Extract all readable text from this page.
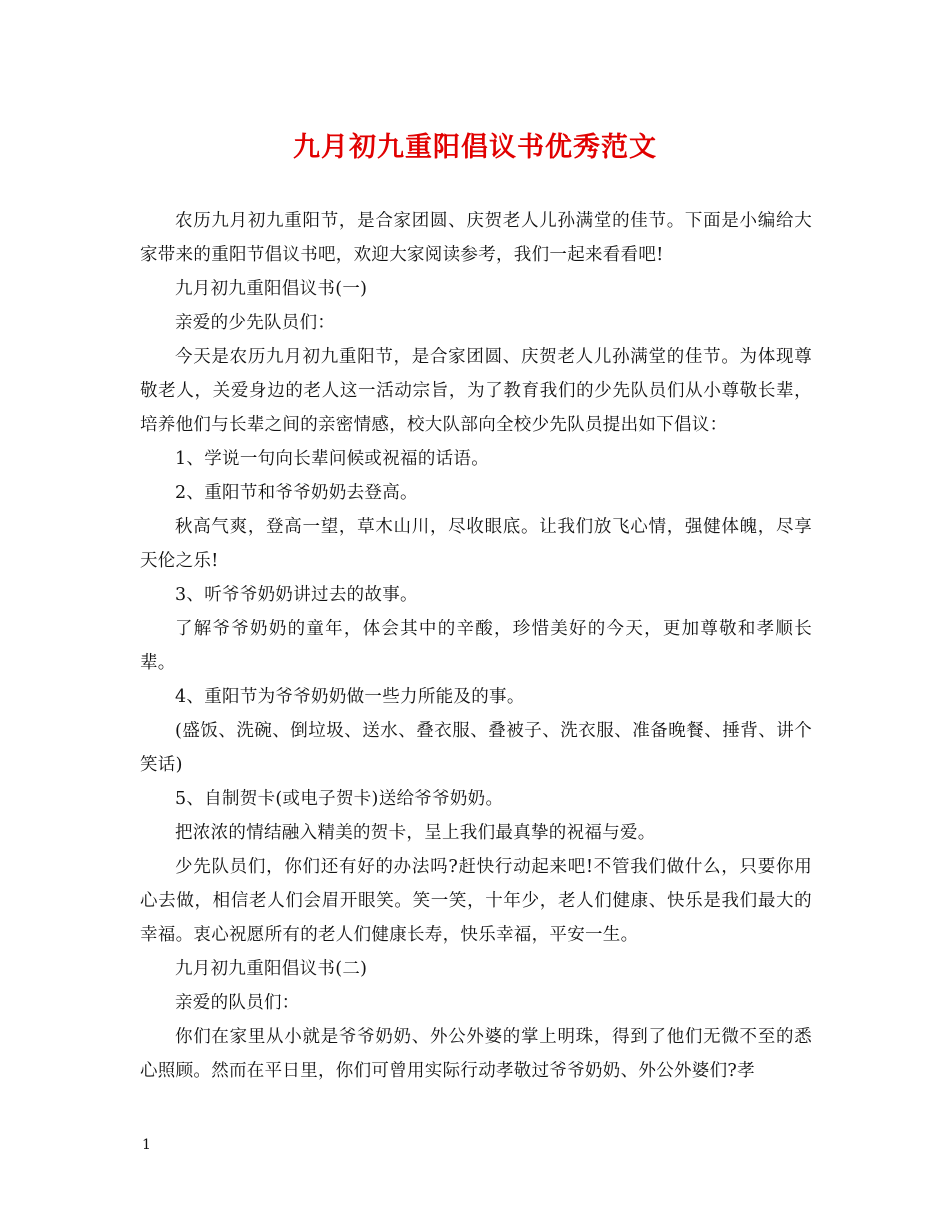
九月初九重阳倡议书优秀范文

农历九月初九重阳节，是合家团圆、庆贺老人儿孙满堂的佳节。下面是小编给大家带来的重阳节倡议书吧，欢迎大家阅读参考，我们一起来看看吧!

九月初九重阳倡议书(一)

亲爱的少先队员们：

今天是农历九月初九重阳节，是合家团圆、庆贺老人儿孙满堂的佳节。为体现尊敬老人，关爱身边的老人这一活动宗旨，为了教育我们的少先队员们从小尊敬长辈，培养他们与长辈之间的亲密情感，校大队部向全校少先队员提出如下倡议：

1、学说一句向长辈问候或祝福的话语。

2、重阳节和爷爷奶奶去登高。

秋高气爽，登高一望，草木山川，尽收眼底。让我们放飞心情，强健体魄，尽享天伦之乐!

3、听爷爷奶奶讲过去的故事。

了解爷爷奶奶的童年，体会其中的辛酸，珍惜美好的今天，更加尊敬和孝顺长辈。

4、重阳节为爷爷奶奶做一些力所能及的事。

(盛饭、洗碗、倒垃圾、送水、叠衣服、叠被子、洗衣服、准备晚餐、捶背、讲个笑话)

5、自制贺卡(或电子贺卡)送给爷爷奶奶。

把浓浓的情结融入精美的贺卡，呈上我们最真挚的祝福与爱。

少先队员们，你们还有好的办法吗?赶快行动起来吧!不管我们做什么，只要你用心去做，相信老人们会眉开眼笑。笑一笑，十年少，老人们健康、快乐是我们最大的幸福。衷心祝愿所有的老人们健康长寿，快乐幸福，平安一生。

九月初九重阳倡议书(二)

亲爱的队员们：

你们在家里从小就是爷爷奶奶、外公外婆的掌上明珠，得到了他们无微不至的悉心照顾。然而在平日里，你们可曾用实际行动孝敬过爷爷奶奶、外公外婆们?孝

1
